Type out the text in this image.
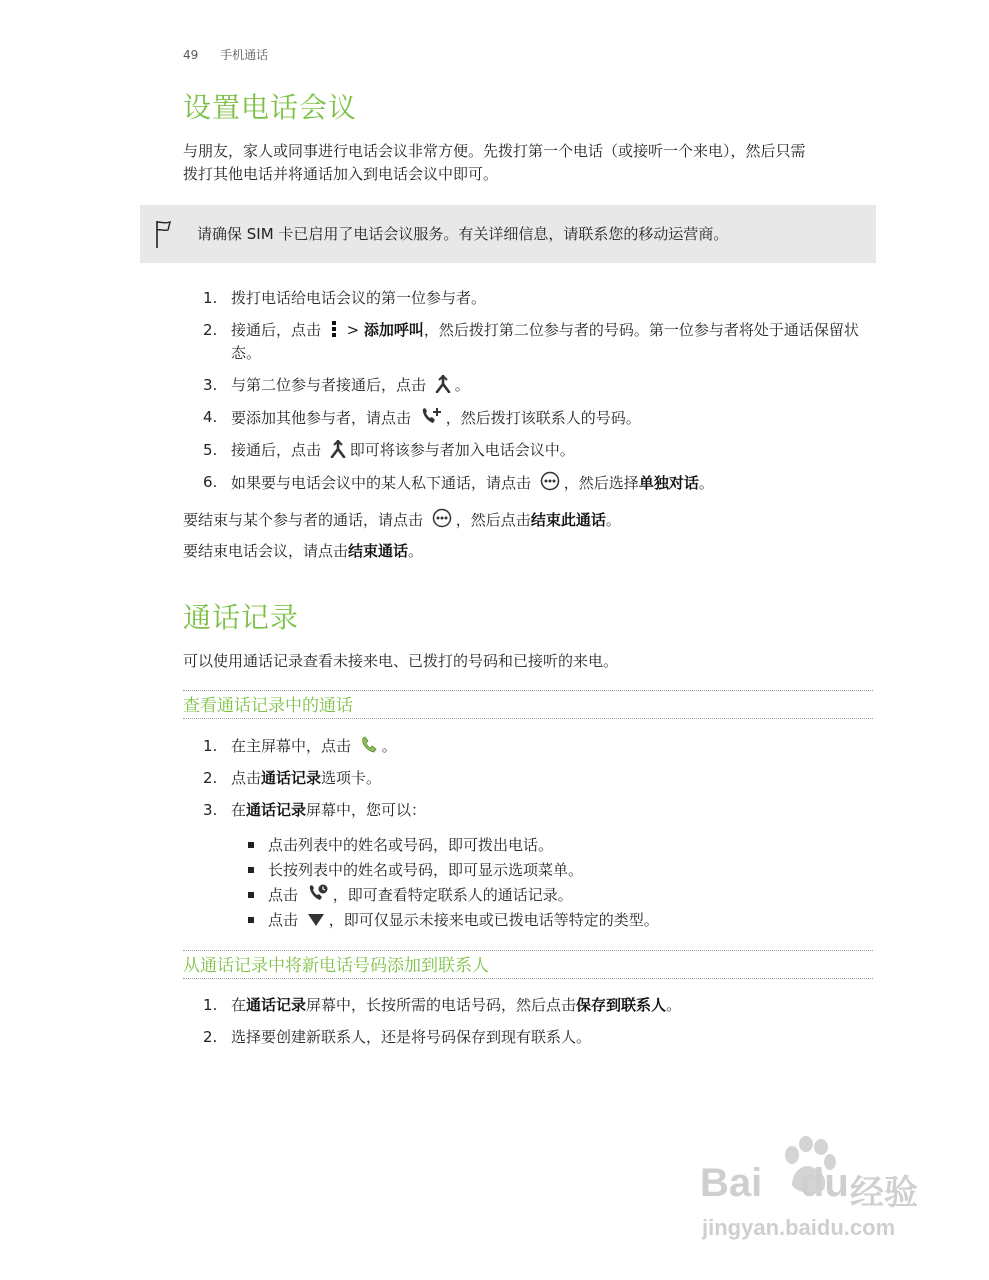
49 手机通话
设置电话会议

与朋友，家人或同事进行电话会议非常方便。先拨打第一个电话（或接听一个来电），然后只需
拨打其他电话并将通话加入到电话会议中即可。

请确保 SIM 卡已启用了电话会议服务。有关详细信息，请联系您的移动运营商。
1. 拨打电话给电话会议的第一位参与者。
2. 接通后，点击  > 添加呼叫，然后拨打第二位参与者的号码。第一位参与者将处于通话保留状态。
3. 与第二位参与者接通后，点击 。
4. 要添加其他参与者，请点击 ，然后拨打该联系人的号码。
5. 接通后，点击 即可将该参与者加入电话会议中。
6. 如果要与电话会议中的某人私下通话，请点击 ，然后选择单独对话。

要结束与某个参与者的通话，请点击 ，然后点击结束此通话。

要结束电话会议，请点击结束通话。

通话记录

可以使用通话记录查看未接来电、已拨打的号码和已接听的来电。

查看通话记录中的通话
1. 在主屏幕中，点击 。
2. 点击通话记录选项卡。
3. 在通话记录屏幕中，您可以：
点击列表中的姓名或号码，即可拨出电话。
长按列表中的姓名或号码，即可显示选项菜单。
点击 ，即可查看特定联系人的通话记录。
点击 ，即可仅显示未接来电或已拨电话等特定的类型。
从通话记录中将新电话号码添加到联系人
1. 在通话记录屏幕中，长按所需的电话号码，然后点击保存到联系人。
2. 选择要创建新联系人，还是将号码保存到现有联系人。
Bai du 经验
jingyan.baidu.com
